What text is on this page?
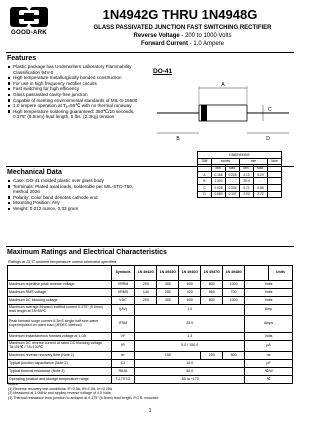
GOOD-ARK
1N4942G THRU 1N4948G
GLASS PASSIVATED JUNCTION FAST SWITCHING RECTIFIER
Reverse Voltage - 200 to 1000 Volts
Forward Current - 1.0 Ampere
Features
Plastic package has Underwriters Laboratory Flammability Classification 94V-0
High temperature metallurgically bonded construction
For use in high frequency rectifier circuits
Fast switching for high efficiency
Glass passivated cavity-free junction
Capable of meeting environmental standards of MIL-S-19500
1.0 ampere operation at Tₐ=55℃ with no thermal runaway
High temperature soldering guaranteed: 350℃/10 seconds, 0.375" (9.5mm) lead length, 5 lbs. (2.3Kg) tension
DO-41
A
B
C
D
DIMENSIONS					
DIM	inches		mm		Note
	Min.	Max.	Min.	Max.	
A	0.166	0.205	4.10	5.20	
B	1.000	-	25.4	-	
C	0.028	0.034	0.71	0.86	
D	0.080	0.107	2.00	2.72	
Mechanical Data
Case: DO-41 molded plastic over glass body
Terminals: Plated axial leads, solderable per MIL-STD-750, method 2026
Polarity: Color band denotes cathode end
Mounting Position: Any
Weight: 0.012 ounce, 0.33 gram
Maximum Ratings and Electrical Characteristics
Ratings at 25℃ ambient temperature unless otherwise specified
	Symbols	1N 4942G	1N 4944G	1N 4946G	1N 4947G	1N 4948G		Units
Maximum repetitive peak reverse voltage	VRRM	200	400	600	800	1000	Volts	
Maximum RMS voltage	VRMS	140	280	420	560	700	Volts	
Maximum DC blocking voltage	VDC	200	400	600	800	1000	Volts	
Maximum average forward rectified current 0.375" (9.5mm) lead length at TA=55℃	I(AV)	1.0					Amp	
Peak forward surge current 8.3mS single half sine-wave superimposed on rated load (JEDEC Method)	IFSM	25.0					Amps	
Maximum instantaneous forward voltage at 1.0A	VF	1.3					Volts	
Maximum DC reverse current at rated DC blocking voltage TA=25℃ / TA=100℃	IR	5.0 / 150.0					µA	
Maximum reverse recovery time (Note 1)	trr	150			250	500	ns	
Typical junction capacitance (Note 2)	CJ	15.0					pF	
Typical thermal resistance (Note 3)	RθJA	50.0					℃/W	
Operating junction and storage temperature range	TJ,TSTG	-65 to +175					℃	
Notes:
(1) Reverse recovery test conditions: IF=0.5A, IR=1.0A, Irr=0.25A
(2) Measured at 1.0MHz and applied reverse voltage of 4.0 Volts
(3) Thermal resistance from junction to ambient at 0.375" (9.5mm) lead length, P.C.B. mounted
1
